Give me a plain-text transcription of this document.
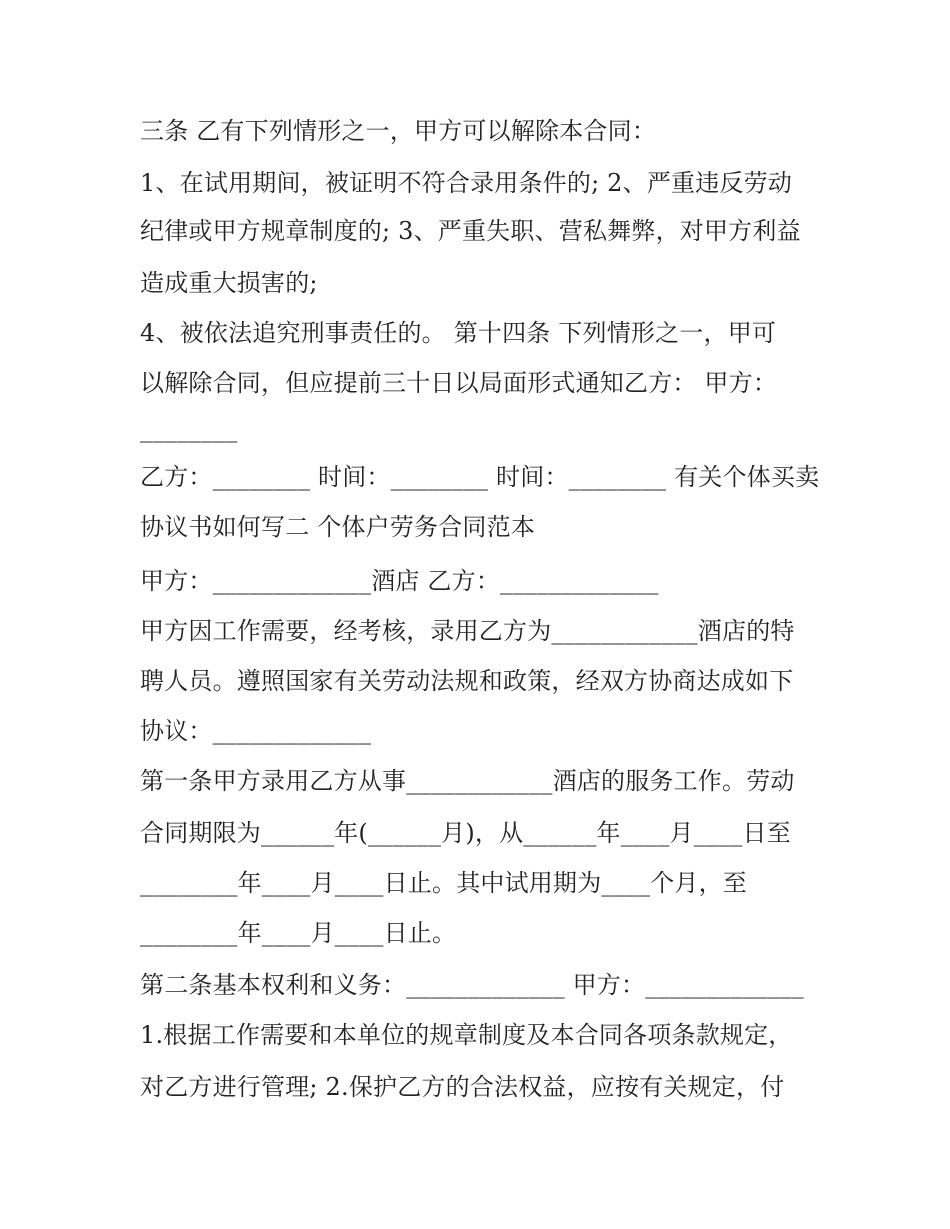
三条 乙有下列情形之一，甲方可以解除本合同：
1、在试用期间，被证明不符合录用条件的; 2、严重违反劳动
纪律或甲方规章制度的; 3、严重失职、营私舞弊，对甲方利益
造成重大损害的;
4、被依法追究刑事责任的。 第十四条 下列情形之一，甲可
以解除合同，但应提前三十日以局面形式通知乙方： 甲方：
________
乙方：________ 时间：________ 时间：________ 有关个体买卖
协议书如何写二 个体户劳务合同范本
甲方：_____________酒店 乙方：_____________
甲方因工作需要，经考核，录用乙方为____________酒店的特
聘人员。遵照国家有关劳动法规和政策，经双方协商达成如下
协议：_____________
第一条甲方录用乙方从事____________酒店的服务工作。劳动
合同期限为______年(______月)，从______年____月____日至
________年____月____日止。其中试用期为____个月，至
________年____月____日止。
第二条基本权利和义务：_____________ 甲方：_____________
1.根据工作需要和本单位的规章制度及本合同各项条款规定，
对乙方进行管理; 2.保护乙方的合法权益，应按有关规定，付
